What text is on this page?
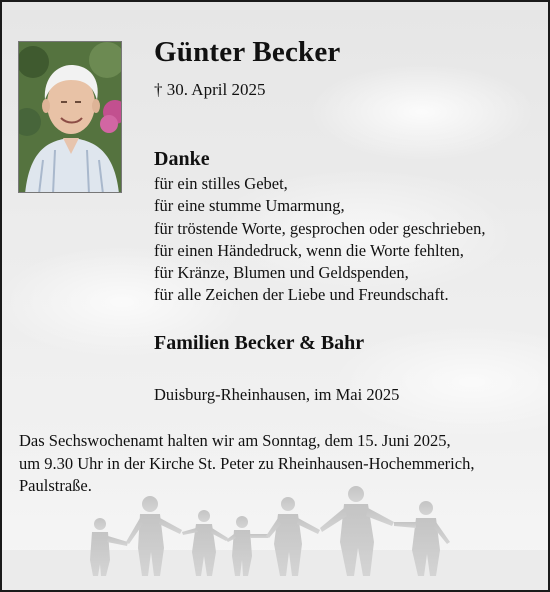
Günter Becker
† 30. April 2025
Danke
für ein stilles Gebet,
für eine stumme Umarmung,
für tröstende Worte, gesprochen oder geschrieben,
für einen Händedruck, wenn die Worte fehlten,
für Kränze, Blumen und Geldspenden,
für alle Zeichen der Liebe und Freundschaft.
Familien Becker & Bahr
Duisburg-Rheinhausen, im Mai 2025
Das Sechswochenamt halten wir am Sonntag, dem 15. Juni 2025,
um 9.30 Uhr in der Kirche St. Peter zu Rheinhausen-Hochemmerich,
Paulstraße.
